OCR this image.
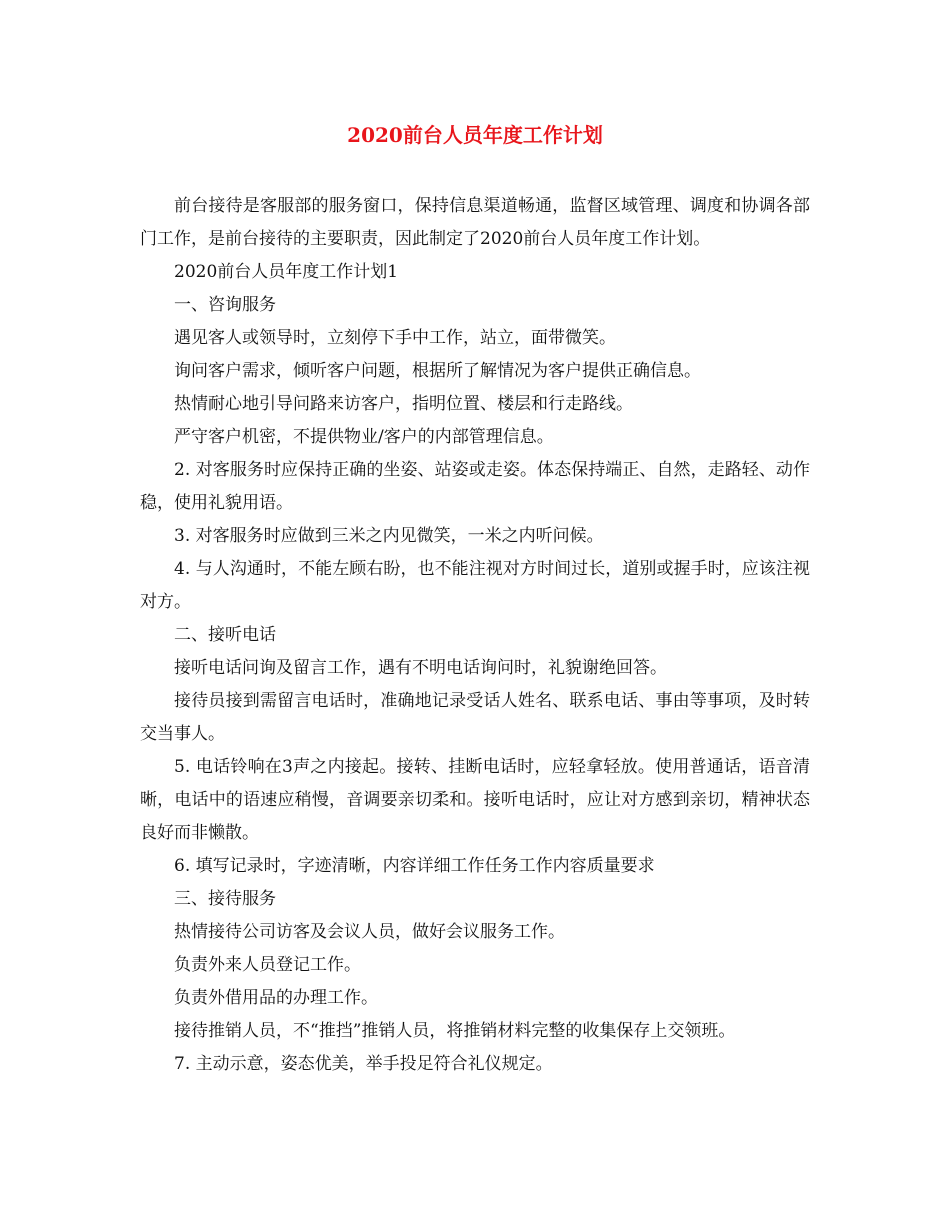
2020前台人员年度工作计划

前台接待是客服部的服务窗口，保持信息渠道畅通，监督区域管理、调度和协调各部门工作，是前台接待的主要职责，因此制定了2020前台人员年度工作计划。

2020前台人员年度工作计划1

一、咨询服务

遇见客人或领导时，立刻停下手中工作，站立，面带微笑。

询问客户需求，倾听客户问题，根据所了解情况为客户提供正确信息。

热情耐心地引导问路来访客户，指明位置、楼层和行走路线。

严守客户机密，不提供物业/客户的内部管理信息。

2. 对客服务时应保持正确的坐姿、站姿或走姿。体态保持端正、自然，走路轻、动作稳，使用礼貌用语。

3. 对客服务时应做到三米之内见微笑，一米之内听问候。

4. 与人沟通时，不能左顾右盼，也不能注视对方时间过长，道别或握手时，应该注视对方。

二、接听电话

接听电话问询及留言工作，遇有不明电话询问时，礼貌谢绝回答。

接待员接到需留言电话时，准确地记录受话人姓名、联系电话、事由等事项，及时转交当事人。

5. 电话铃响在3声之内接起。接转、挂断电话时，应轻拿轻放。使用普通话，语音清晰，电话中的语速应稍慢，音调要亲切柔和。接听电话时，应让对方感到亲切，精神状态良好而非懒散。

6. 填写记录时，字迹清晰，内容详细工作任务工作内容质量要求

三、接待服务

热情接待公司访客及会议人员，做好会议服务工作。

负责外来人员登记工作。

负责外借用品的办理工作。

接待推销人员，不“推挡”推销人员，将推销材料完整的收集保存上交领班。

7. 主动示意，姿态优美，举手投足符合礼仪规定。
